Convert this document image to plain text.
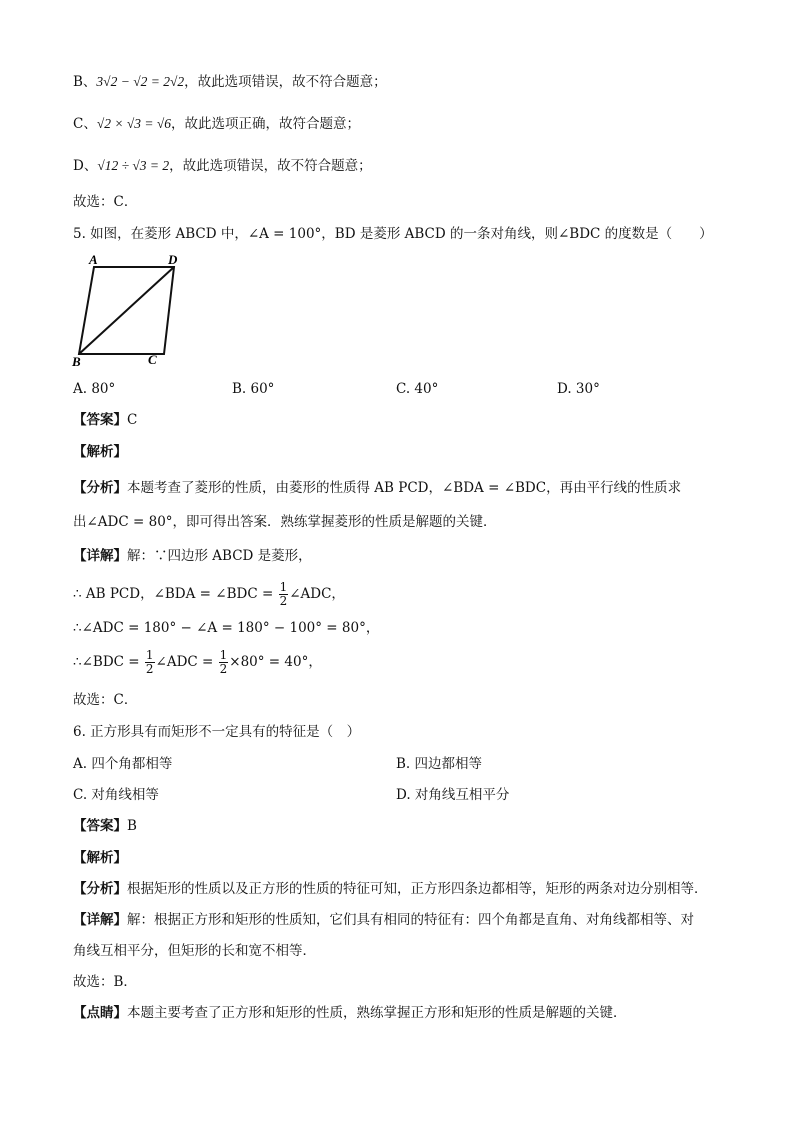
B、3√2 − √2 = 2√2，故此选项错误，故不符合题意；
C、√2 × √3 = √6，故此选项正确，故符合题意；
D、√12 ÷ √3 = 2，故此选项错误，故不符合题意；
故选：C．
5. 如图，在菱形 ABCD 中，∠A = 100°，BD 是菱形 ABCD 的一条对角线，则∠BDC 的度数是（　　）
A	D
B	C
A. 80°	B. 60°	C. 40°	D. 30°
【答案】C
【解析】
【分析】本题考查了菱形的性质，由菱形的性质得 AB PCD，∠BDA = ∠BDC，再由平行线的性质求
出∠ADC = 80°，即可得出答案．熟练掌握菱形的性质是解题的关键．
【详解】解：∵四边形 ABCD 是菱形，
∴ AB PCD，∠BDA = ∠BDC = $\frac{1}{2}$ ∠ADC，
∴∠ADC = 180° − ∠A = 180° − 100° = 80°，
∴∠BDC = $\frac{1}{2}$ ∠ADC = $\frac{1}{2} \times 80^\circ = 40^\circ$，
故选：C．
6. 正方形具有而矩形不一定具有的特征是（　）
A. 四个角都相等	B. 四边都相等
C. 对角线相等	D. 对角线互相平分
【答案】B
【解析】
【分析】根据矩形的性质以及正方形的性质的特征可知，正方形四条边都相等，矩形的两条对边分别相等．
【详解】解：根据正方形和矩形的性质知，它们具有相同的特征有：四个角都是直角、对角线都相等、对
角线互相平分，但矩形的长和宽不相等．
故选：B．
【点睛】本题主要考查了正方形和矩形的性质，熟练掌握正方形和矩形的性质是解题的关键．
